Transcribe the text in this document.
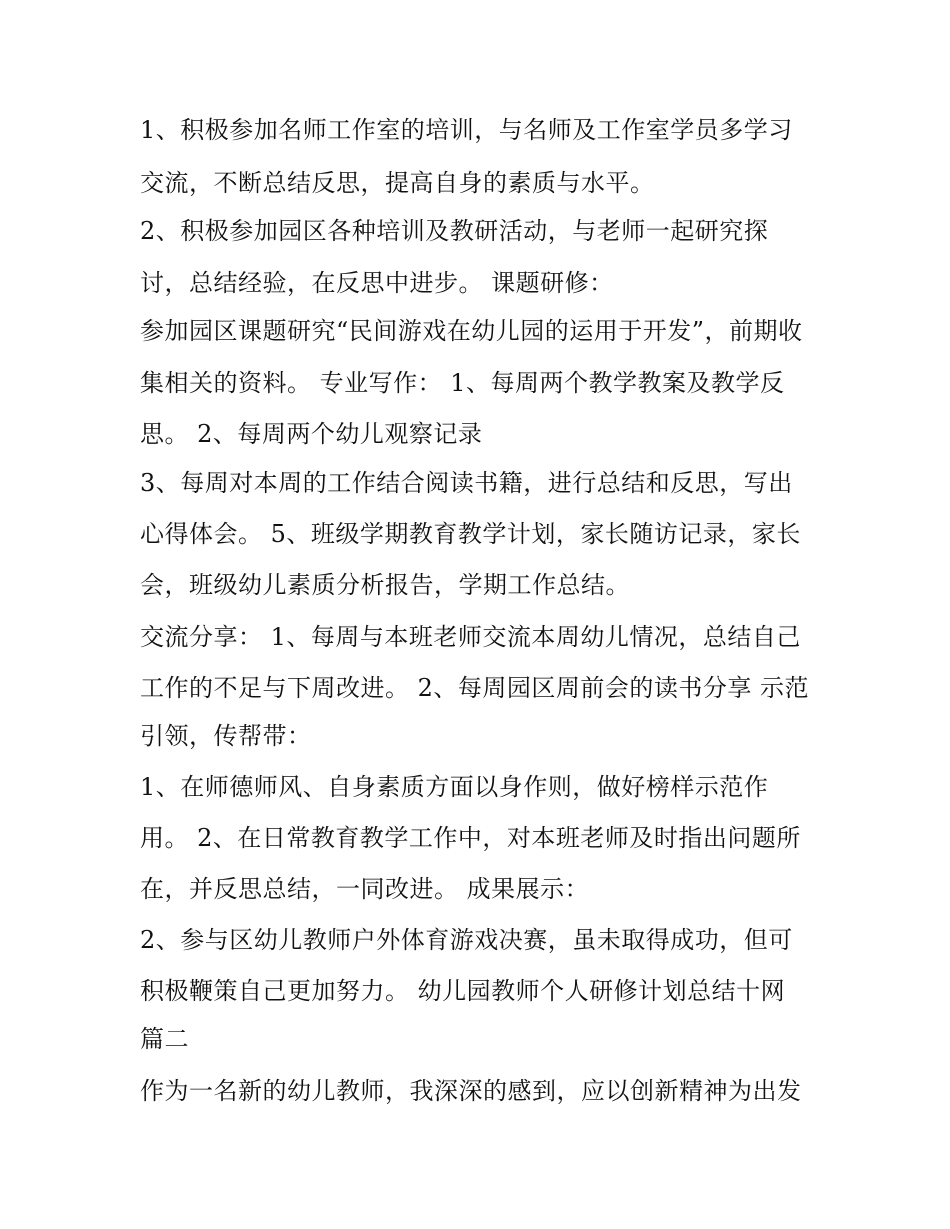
1、积极参加名师工作室的培训，与名师及工作室学员多学习
交流，不断总结反思，提高自身的素质与水平。
2、积极参加园区各种培训及教研活动，与老师一起研究探
讨，总结经验，在反思中进步。 课题研修：
参加园区课题研究“民间游戏在幼儿园的运用于开发”，前期收
集相关的资料。 专业写作： 1、每周两个教学教案及教学反
思。 2、每周两个幼儿观察记录
3、每周对本周的工作结合阅读书籍，进行总结和反思，写出
心得体会。 5、班级学期教育教学计划，家长随访记录，家长
会，班级幼儿素质分析报告，学期工作总结。
交流分享： 1、每周与本班老师交流本周幼儿情况，总结自己
工作的不足与下周改进。 2、每周园区周前会的读书分享 示范
引领，传帮带：
1、在师德师风、自身素质方面以身作则，做好榜样示范作
用。 2、在日常教育教学工作中，对本班老师及时指出问题所
在，并反思总结，一同改进。 成果展示：
2、参与区幼儿教师户外体育游戏决赛，虽未取得成功，但可
积极鞭策自己更加努力。 幼儿园教师个人研修计划总结十网
篇二
作为一名新的幼儿教师，我深深的感到，应以创新精神为出发
